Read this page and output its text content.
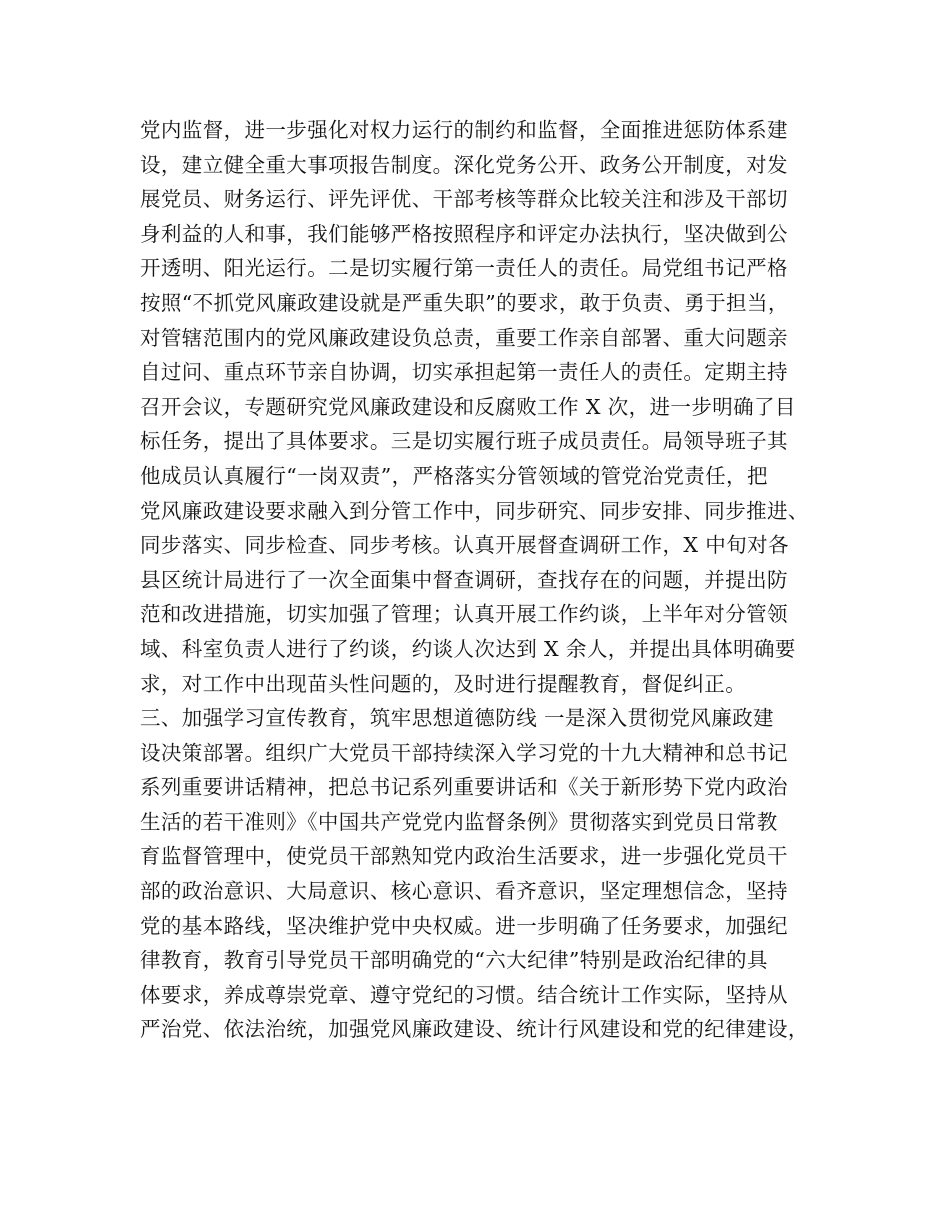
党内监督，进一步强化对权力运行的制约和监督，全面推进惩防体系建
设，建立健全重大事项报告制度。深化党务公开、政务公开制度，对发
展党员、财务运行、评先评优、干部考核等群众比较关注和涉及干部切
身利益的人和事，我们能够严格按照程序和评定办法执行，坚决做到公
开透明、阳光运行。二是切实履行第一责任人的责任。局党组书记严格
按照“不抓党风廉政建设就是严重失职”的要求，敢于负责、勇于担当，
对管辖范围内的党风廉政建设负总责，重要工作亲自部署、重大问题亲
自过问、重点环节亲自协调，切实承担起第一责任人的责任。定期主持
召开会议，专题研究党风廉政建设和反腐败工作 X 次，进一步明确了目
标任务，提出了具体要求。三是切实履行班子成员责任。局领导班子其
他成员认真履行“一岗双责”，严格落实分管领域的管党治党责任，把
党风廉政建设要求融入到分管工作中，同步研究、同步安排、同步推进、
同步落实、同步检查、同步考核。认真开展督查调研工作，X 中旬对各
县区统计局进行了一次全面集中督查调研，查找存在的问题，并提出防
范和改进措施，切实加强了管理；认真开展工作约谈，上半年对分管领
域、科室负责人进行了约谈，约谈人次达到 X 余人，并提出具体明确要
求，对工作中出现苗头性问题的，及时进行提醒教育，督促纠正。
三、加强学习宣传教育，筑牢思想道德防线 一是深入贯彻党风廉政建
设决策部署。组织广大党员干部持续深入学习党的十九大精神和总书记
系列重要讲话精神，把总书记系列重要讲话和《关于新形势下党内政治
生活的若干准则》《中国共产党党内监督条例》贯彻落实到党员日常教
育监督管理中，使党员干部熟知党内政治生活要求，进一步强化党员干
部的政治意识、大局意识、核心意识、看齐意识，坚定理想信念，坚持
党的基本路线，坚决维护党中央权威。进一步明确了任务要求，加强纪
律教育，教育引导党员干部明确党的“六大纪律”特别是政治纪律的具
体要求，养成尊崇党章、遵守党纪的习惯。结合统计工作实际，坚持从
严治党、依法治统，加强党风廉政建设、统计行风建设和党的纪律建设，
